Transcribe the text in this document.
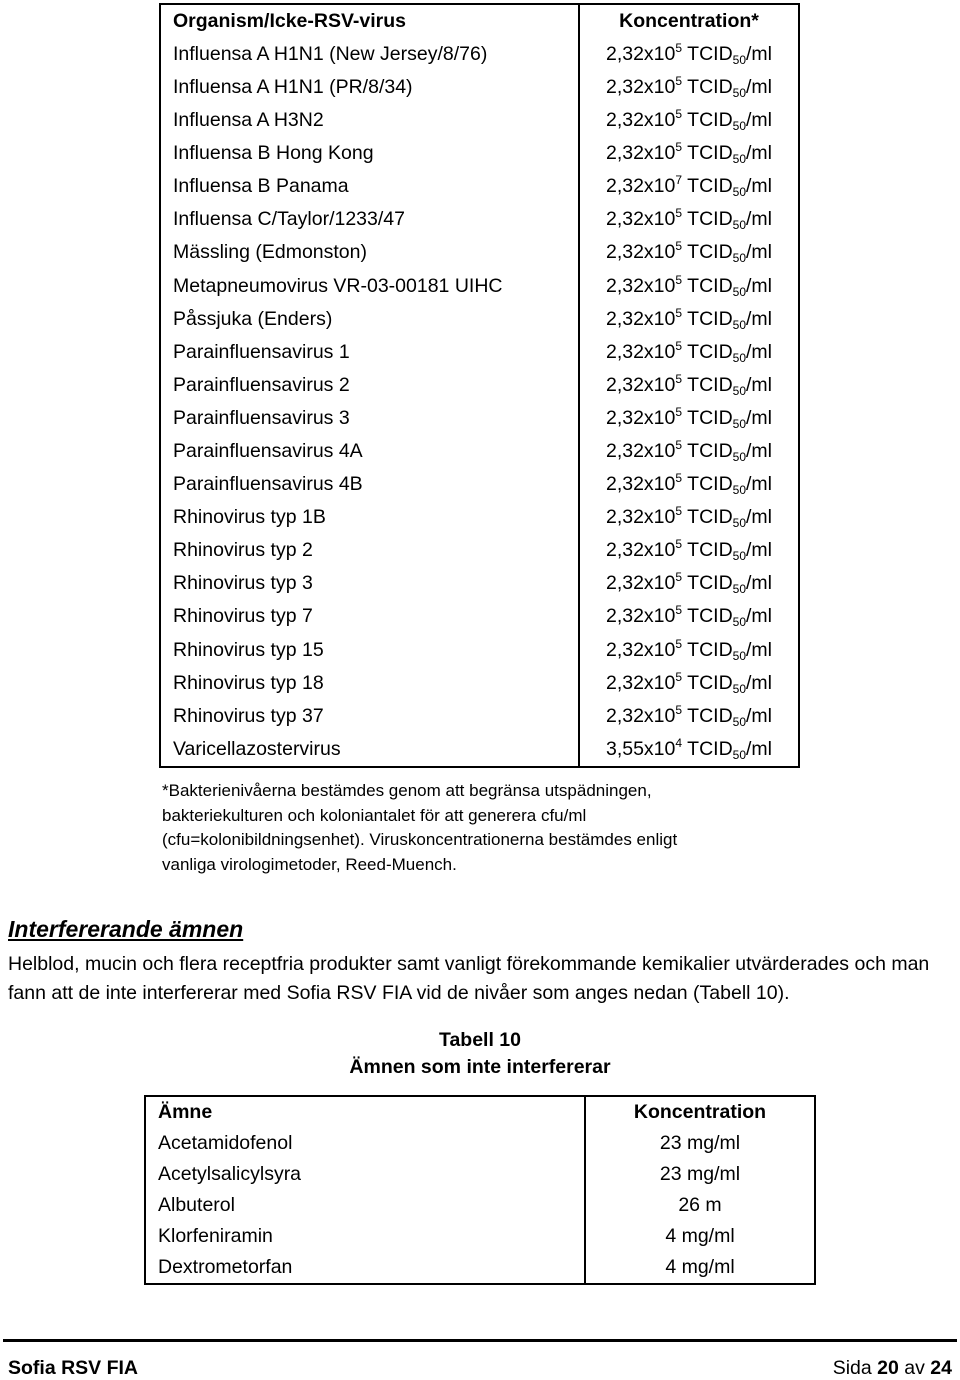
Organism/Icke-RSV-virus	Koncentration*
Influensa A H1N1 (New Jersey/8/76)	$2,32x10^5$ $TCID_{50}/ml$
Influensa A H1N1 (PR/8/34)	$2,32x10^5$ $TCID_{50}/ml$
Influensa A H3N2	$2,32x10^5$ $TCID_{50}/ml$
Influensa B Hong Kong	$2,32x10^5$ $TCID_{50}/ml$
Influensa B Panama	$2,32x10^7$ $TCID_{50}/ml$
Influensa C/Taylor/1233/47	$2,32x10^5$ $TCID_{50}/ml$
Mässling (Edmonston)	$2,32x10^5$ $TCID_{50}/ml$
Metapneumovirus VR-03-00181 UIHC	$2,32x10^5$ $TCID_{50}/ml$
Påssjuka (Enders)	$2,32x10^5$ $TCID_{50}/ml$
Parainfluensavirus 1	$2,32x10^5$ $TCID_{50}/ml$
Parainfluensavirus 2	$2,32x10^5$ $TCID_{50}/ml$
Parainfluensavirus 3	$2,32x10^5$ $TCID_{50}/ml$
Parainfluensavirus 4A	$2,32x10^5$ $TCID_{50}/ml$
Parainfluensavirus 4B	$2,32x10^5$ $TCID_{50}/ml$
Rhinovirus typ 1B	$2,32x10^5$ $TCID_{50}/ml$
Rhinovirus typ 2	$2,32x10^5$ $TCID_{50}/ml$
Rhinovirus typ 3	$2,32x10^5$ $TCID_{50}/ml$
Rhinovirus typ 7	$2,32x10^5$ $TCID_{50}/ml$
Rhinovirus typ 15	$2,32x10^5$ $TCID_{50}/ml$
Rhinovirus typ 18	$2,32x10^5$ $TCID_{50}/ml$
Rhinovirus typ 37	$2,32x10^5$ $TCID_{50}/ml$
Varicellazostervirus	$3,55x10^4$ $TCID_{50}/ml$
*Bakterienivåerna bestämdes genom att begränsa utspädningen,
bakteriekulturen och koloniantalet för att generera cfu/ml
(cfu=kolonibildningsenhet). Viruskoncentrationerna bestämdes enligt
vanliga virologimetoder, Reed-Muench.
Interfererande ämnen
Helblod, mucin och flera receptfria produkter samt vanligt förekommande kemikalier utvärderades och man fann att de inte interfererar med Sofia RSV FIA vid de nivåer som anges nedan (Tabell 10).
Tabell 10
Ämnen som inte interfererar
Ämne	Koncentration
Acetamidofenol	23 mg/ml
Acetylsalicylsyra	23 mg/ml
Albuterol	26 m
Klorfeniramin	4 mg/ml
Dextrometorfan	4 mg/ml
Sofia RSV FIA	Sida 20 av 24
